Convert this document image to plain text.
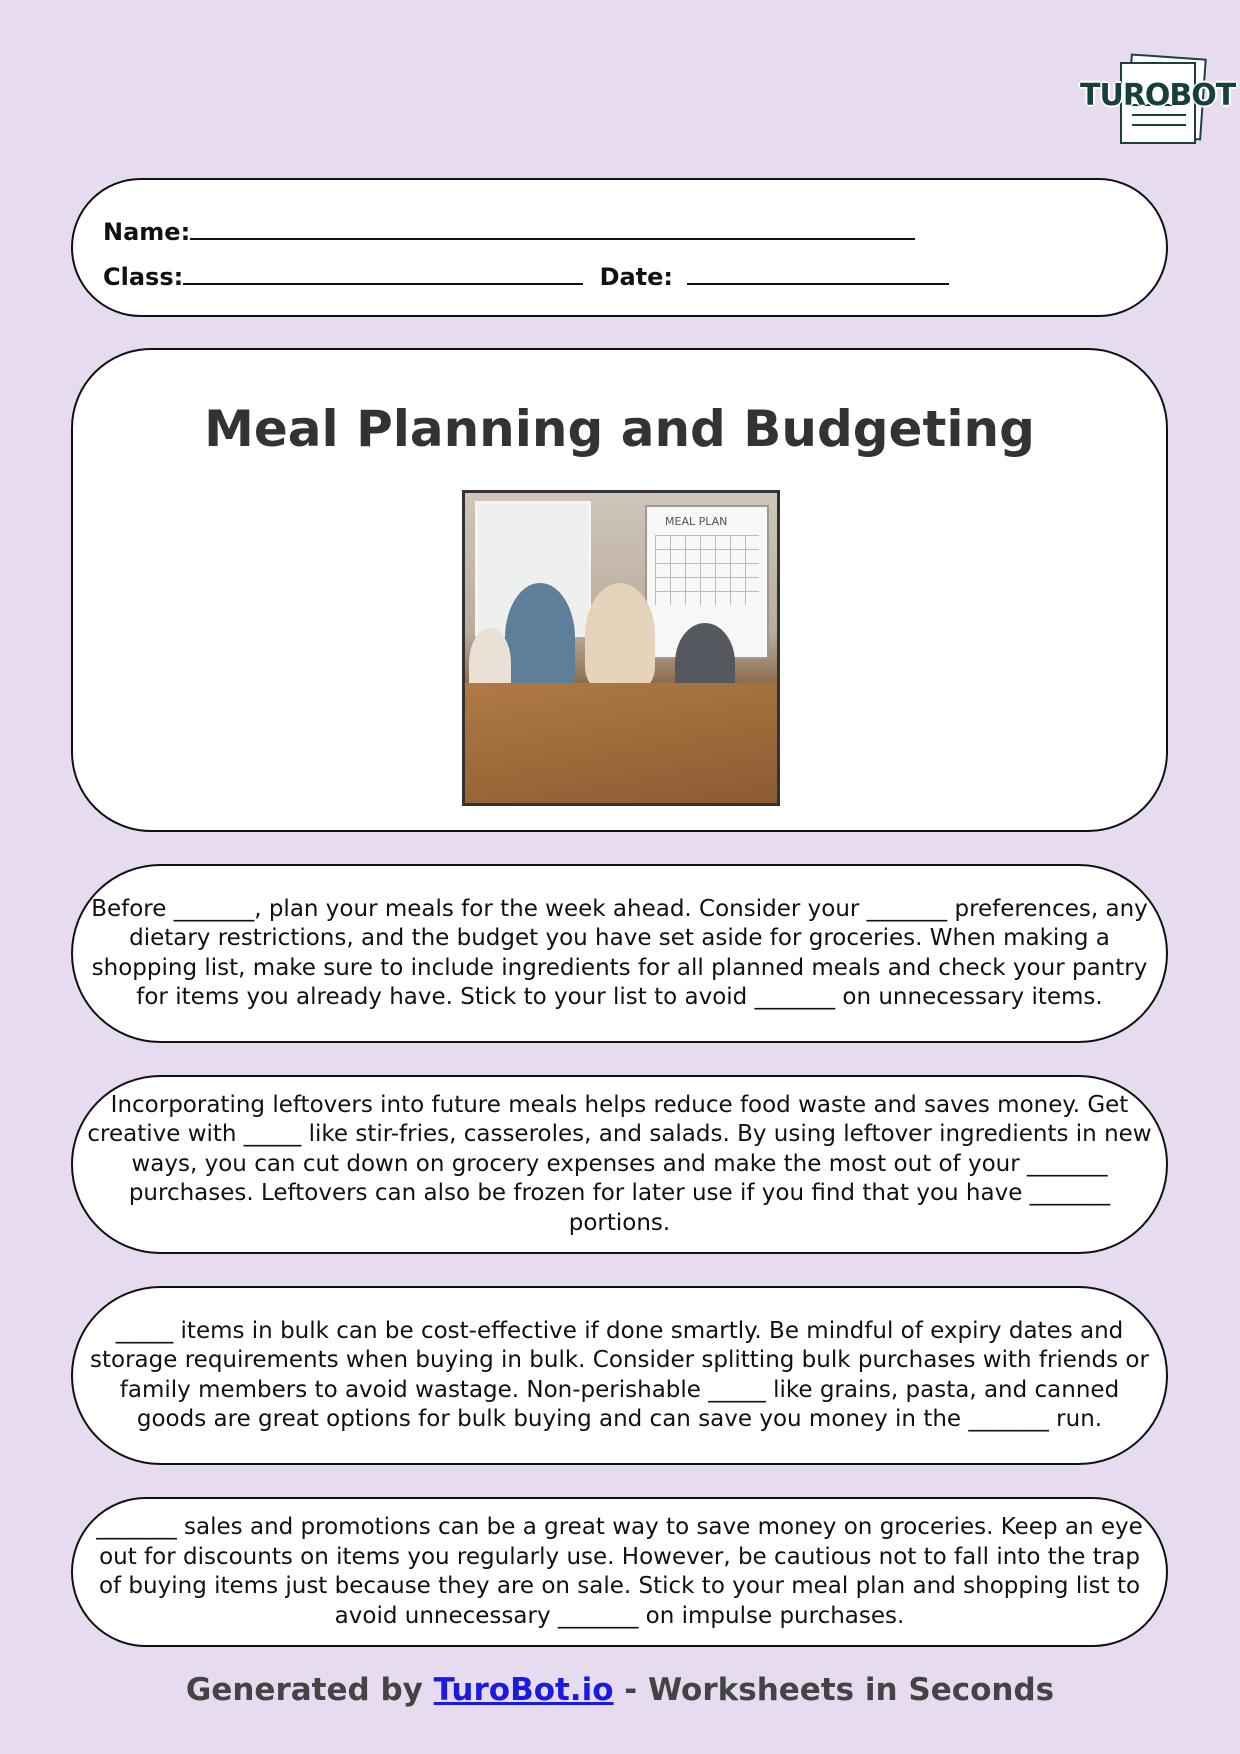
TUROBOT
Name:
Class:	Date:
Meal Planning and Budgeting
MEAL PLAN

Before _______, plan your meals for the week ahead. Consider your _______ preferences, any dietary restrictions, and the budget you have set aside for groceries. When making a shopping list, make sure to include ingredients for all planned meals and check your pantry for items you already have. Stick to your list to avoid _______ on unnecessary items.

Incorporating leftovers into future meals helps reduce food waste and saves money. Get creative with _____ like stir-fries, casseroles, and salads. By using leftover ingredients in new ways, you can cut down on grocery expenses and make the most out of your _______ purchases. Leftovers can also be frozen for later use if you find that you have _______ portions.

_____ items in bulk can be cost-effective if done smartly. Be mindful of expiry dates and storage requirements when buying in bulk. Consider splitting bulk purchases with friends or family members to avoid wastage. Non-perishable _____ like grains, pasta, and canned goods are great options for bulk buying and can save you money in the _______ run.

_______ sales and promotions can be a great way to save money on groceries. Keep an eye out for discounts on items you regularly use. However, be cautious not to fall into the trap of buying items just because they are on sale. Stick to your meal plan and shopping list to avoid unnecessary _______ on impulse purchases.

Generated by TuroBot.io - Worksheets in Seconds
